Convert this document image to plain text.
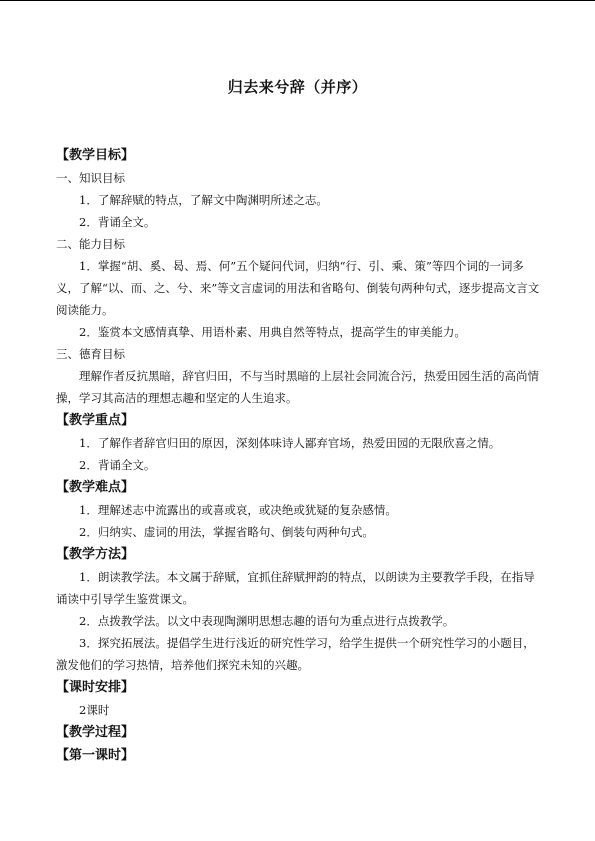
归去来兮辞（并序）

【教学目标】

一、知识目标

1．了解辞赋的特点，了解文中陶渊明所述之志。

2．背诵全文。

二、能力目标

1．掌握“胡、奚、曷、焉、何”五个疑问代词，归纳“行、引、乘、策”等四个词的一词多义，了解“以、而、之、兮、来”等文言虚词的用法和省略句、倒装句两种句式，逐步提高文言文阅读能力。

2．鉴赏本文感情真挚、用语朴素、用典自然等特点，提高学生的审美能力。

三、德育目标

理解作者反抗黑暗，辞官归田，不与当时黑暗的上层社会同流合污，热爱田园生活的高尚情操，学习其高洁的理想志趣和坚定的人生追求。

【教学重点】

1．了解作者辞官归田的原因，深刻体味诗人鄙弃官场，热爱田园的无限欣喜之情。

2．背诵全文。

【教学难点】

1．理解述志中流露出的或喜或哀，或决绝或犹疑的复杂感情。

2．归纳实、虚词的用法，掌握省略句、倒装句两种句式。

【教学方法】

1．朗读教学法。本文属于辞赋，宜抓住辞赋押韵的特点，以朗读为主要教学手段，在指导诵读中引导学生鉴赏课文。

2．点拨教学法。以文中表现陶渊明思想志趣的语句为重点进行点拨教学。

3．探究拓展法。提倡学生进行浅近的研究性学习，给学生提供一个研究性学习的小题目，激发他们的学习热情，培养他们探究未知的兴趣。

【课时安排】

2课时

【教学过程】

【第一课时】
